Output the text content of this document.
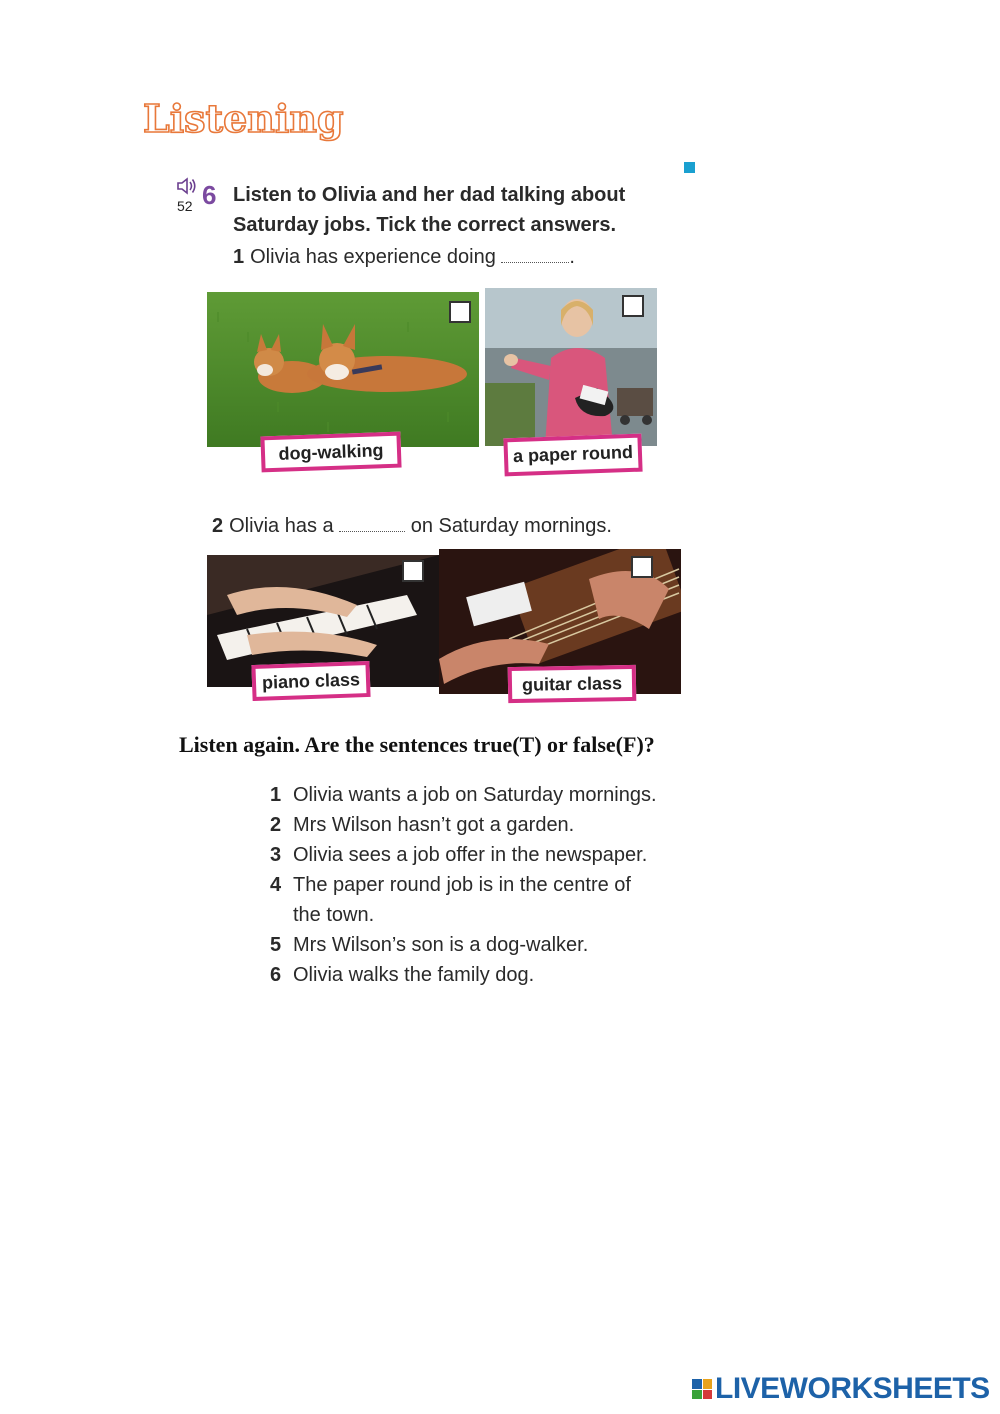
Listening
52 6 Listen to Olivia and her dad talking about Saturday jobs. Tick the correct answers.
1 Olivia has experience doing	.
dog-walking	a paper round
2 Olivia has a	on Saturday mornings.
piano class	guitar class
Listen again. Are the sentences true(T) or false(F)?
1 Olivia wants a job on Saturday mornings.
2 Mrs Wilson hasn’t got a garden.
3 Olivia sees a job offer in the newspaper.
4 The paper round job is in the centre of the town.
5 Mrs Wilson’s son is a dog-walker.
6 Olivia walks the family dog.
LIVEWORKSHEETS
